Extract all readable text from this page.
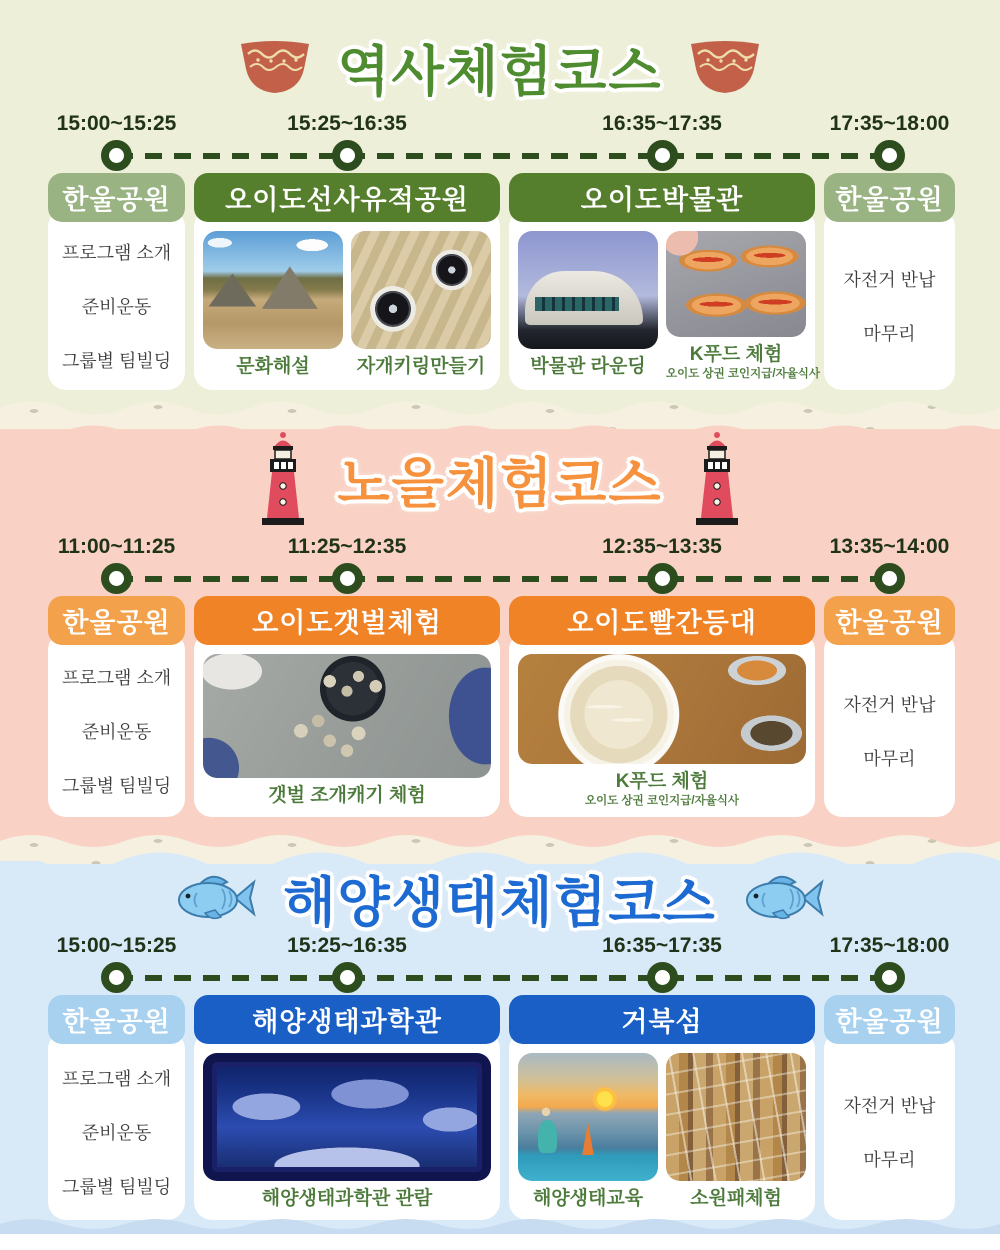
역사체험코스
15:00~15:25	15:25~16:35	16:35~17:35	17:35~18:00
한울공원
프로그램 소개
준비운동
그룹별 팀빌딩
오이도선사유적공원
문화해설	자개키링만들기
오이도박물관
박물관 라운딩
K푸드 체험
오이도 상권 코인지급/자율식사
한울공원
자전거 반납
마무리
노을체험코스
11:00~11:25	11:25~12:35	12:35~13:35	13:35~14:00
한울공원
프로그램 소개
준비운동
그룹별 팀빌딩
오이도갯벌체험
갯벌 조개캐기 체험
오이도빨간등대
K푸드 체험
오이도 상권 코인지급/자율식사
한울공원
자전거 반납
마무리
해양생태체험코스
15:00~15:25	15:25~16:35	16:35~17:35	17:35~18:00
한울공원
프로그램 소개
준비운동
그룹별 팀빌딩
해양생태과학관
해양생태과학관 관람
거북섬
해양생태교육	소원패체험
한울공원
자전거 반납
마무리
